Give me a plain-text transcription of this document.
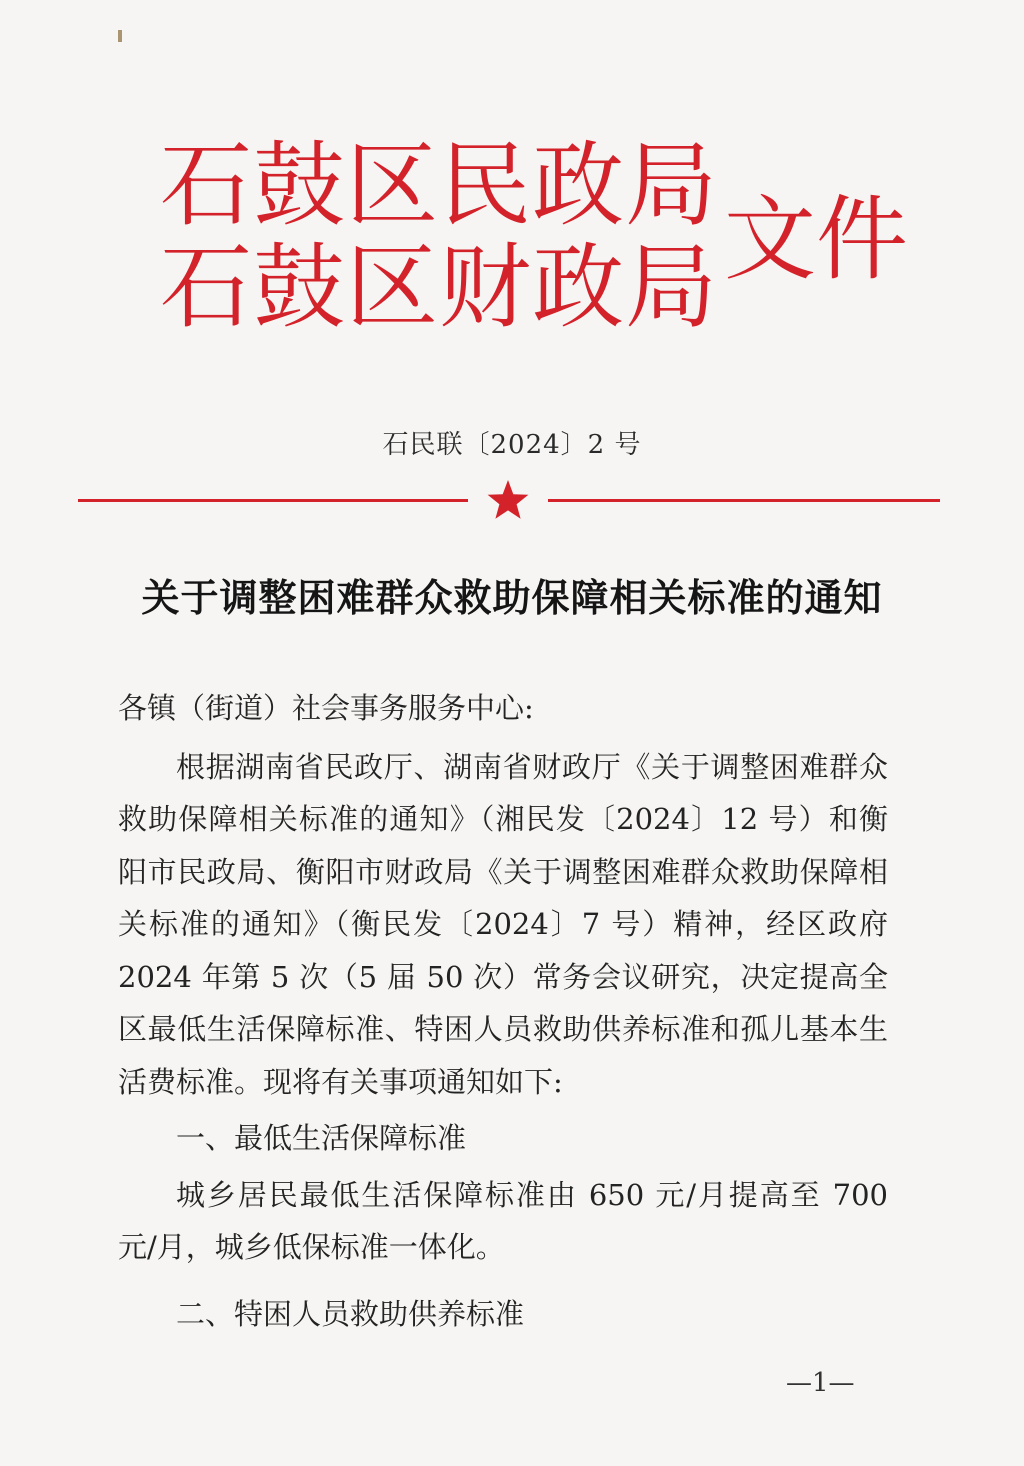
石鼓区民政局
石鼓区财政局 文件
石民联〔2024〕2 号
关于调整困难群众救助保障相关标准的通知

各镇（街道）社会事务服务中心:

根据湖南省民政厅、湖南省财政厅《关于调整困难群众救助保障相关标准的通知》（湘民发〔2024〕12 号）和衡阳市民政局、衡阳市财政局《关于调整困难群众救助保障相关标准的通知》（衡民发〔2024〕7 号）精神，经区政府 2024 年第 5 次（5 届 50 次）常务会议研究，决定提高全区最低生活保障标准、特困人员救助供养标准和孤儿基本生活费标准。现将有关事项通知如下:

一、最低生活保障标准

城乡居民最低生活保障标准由 650 元/月提高至 700 元/月，城乡低保标准一体化。

二、特困人员救助供养标准

—1—
